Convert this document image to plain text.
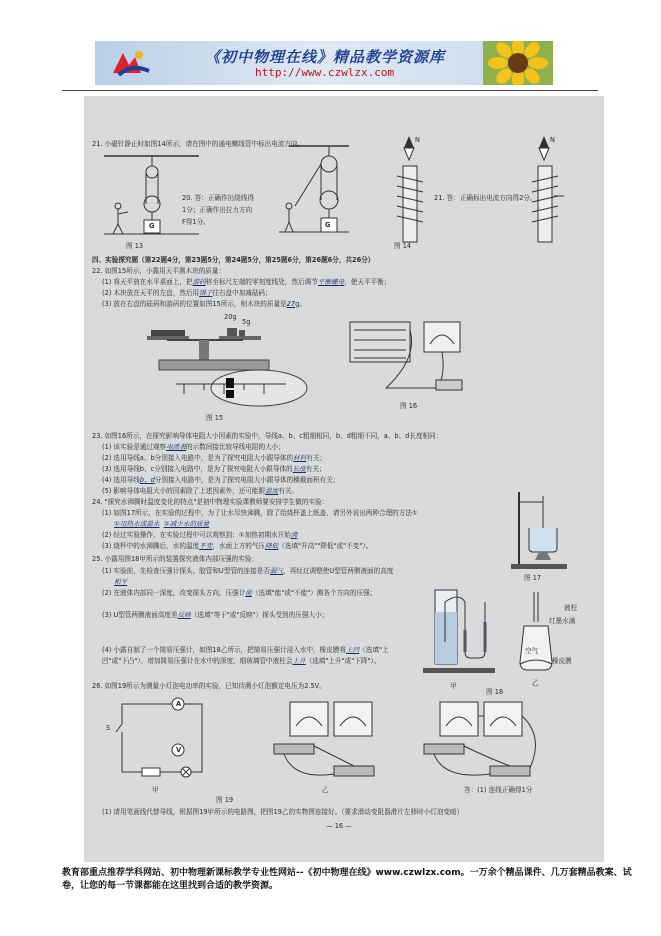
《初中物理在线》精品教学资源库
http://www.czwlzx.com
21. 小磁针静止时如图14所示，请在图中的通电螺线管中标出电流方向。
G
图 13
20. 答：正确作出绕线得1分；正确作出拉力方向F得1分。	G
N
图 14
21. 答：正确标出电流方向得2分。
N
四、实验探究题（第22题4分，第23题5分，第24题5分，第25题6分，第26题6分，共26分）
22. 如图15所示，小露用天平测木块的质量：
(1) 将天平放在水平桌面上，把游码移至标尺左端的零刻度线处，然后调节平衡螺母，使天平平衡；
(2) 木块放在天平的左盘，然后用镊子往右盘中加减砝码；
(3) 放在右盘的砝码和游码的位置如图15所示，则木块的质量是27g。
20g
5g
图 15
图 16
23. 如图16所示，在探究影响导体电阻大小因素的实验中，导线a、b、c粗细相同，b、d粗细不同，a、b、d长度相同：
(1) 该实验是通过观察电流表的示数间接比较导线电阻的大小；
(2) 选用导线a、b分别接入电路中，是为了探究电阻大小跟导体的材料有关；
(3) 选用导线b、c分别接入电路中，是为了探究电阻大小跟导体的长度有关；
(4) 选用导线b、d分别接入电路中，是为了探究电阻大小跟导体的横截面积有关；
(5) 影响导体电阻大小的因素除了上述因素外，还可能跟温度有关。
24. "探究水沸腾时温度变化的特点"是初中物理实验课教师要安排学生做的实验：
(1) 如图17所示，在实验的过程中，为了让水尽快沸腾，除了给烧杯盖上纸盖，请另外说出两种合理的方法①
①用热水或温水 ②减少水的质量
(2) 经过实验操作，在实验过程中可以观察到：①加热初期水开始沸
(3) 烧杯中的水沸腾后，水的温度不变，水面上方的气压降低（选填"升高""降低"或"不变"）。
图 17
25. 小露用图18甲所示的装置探究液体内部压强的实验：
(1) 实验前，先检查压强计探头、胶管和U型管的连接是否漏气，再经过调整使U型管两侧液面的高度
相平
(2) 在液体内部同一深度，改变探头方向，压强计能（选填"能"或"不能"）测各个方向的压强；
(3) U型管两侧液面高度差反映（选填"等于"或"反映"）探头受到的压强大小；
(4) 小露自制了一个简易压强计，如图18乙所示，把简易压强计浸入水中，橡皮膜将上凹（选填"上凹"或"下凸"），增加简易压强计在水中的深度，细玻璃管中液柱会上升（选填"上升"或"下降"）。
甲
液柱
红墨水滴
空气
橡皮膜
乙
图 18
26. 如图19所示为测量小灯泡电功率的实验，已知待测小灯泡额定电压为2.5V。
A
V
S
甲	乙	答：(1) 连线正确得1分
图 19
(1) 请用笔画线代替导线，根据图19甲所示的电路图，把图19乙的实物图连接好。（要求滑动变阻器滑片左移时小灯泡变暗）
— 16 —
教育部重点推荐学科网站、初中物理新课标教学专业性网站--《初中物理在线》www.czwlzx.com。一万余个精品课件、几万套精品教案、试卷，让您的每一节课都能在这里找到合适的教学资源。
